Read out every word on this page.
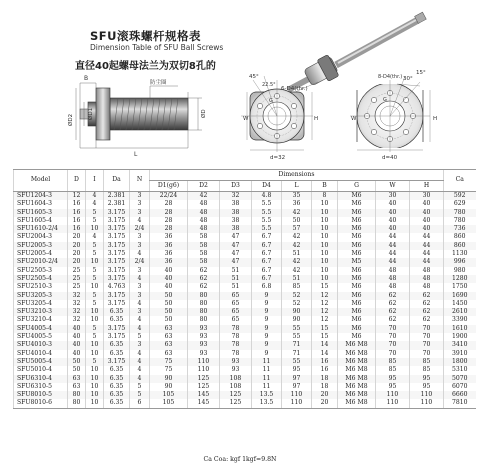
SFU滚珠螺杆规格表
Dimension Table of SFU Ball Screws
直径40起螺母法兰为双切8孔的
防尘圈
ØD2	ØD1
L
B
ØD
45°
22.5°
6-D4(thr.)
G
W	H
d=32
8-D4(thr.) 30°
15°
G
W	H
d=40
Model	D	I	Da	N	Dimensions									Ca
					D1(g6)	D2	D3	D4	L	B	G	W	H	
SFU1204-3	12	4	2.381	3	22/24	42	32	4.8	35	8	M6	30	30	592
SFU1604-3	16	4	2.381	3	28	48	38	5.5	36	10	M6	40	40	629
SFU1605-3	16	5	3.175	3	28	48	38	5.5	42	10	M6	40	40	780
SFU1605-4	16	5	3.175	4	28	48	38	5.5	50	10	M6	40	40	780
SFU1610-2/4	16	10	3.175	2/4	28	48	38	5.5	57	10	M6	40	40	736
SFU2004-3	20	4	3.175	3	36	58	47	6.7	42	10	M6	44	44	860
SFU2005-3	20	5	3.175	3	36	58	47	6.7	42	10	M6	44	44	860
SFU2005-4	20	5	3.175	4	36	58	47	6.7	51	10	M6	44	44	1130
SFU2010-2/4	20	10	3.175	2/4	36	58	47	6.7	42	10	M5	44	44	996
SFU2505-3	25	5	3.175	3	40	62	51	6.7	42	10	M6	48	48	980
SFU2505-4	25	5	3.175	4	40	62	51	6.7	51	10	M6	48	48	1280
SFU2510-3	25	10	4.763	3	40	62	51	6.8	85	15	M6	48	48	1750
SFU3205-3	32	5	3.175	3	50	80	65	9	52	12	M6	62	62	1690
SFU3205-4	32	5	3.175	4	50	80	65	9	52	12	M6	62	62	1450
SFU3210-3	32	10	6.35	3	50	80	65	9	90	12	M6	62	62	2610
SFU3210-4	32	10	6.35	4	50	80	65	9	90	12	M6	62	62	3390
SFU4005-4	40	5	3.175	4	63	93	78	9	55	15	M6	70	70	1610
SFU4005-5	40	5	3.175	5	63	93	78	9	55	15	M6	70	70	1900
SFU4010-3	40	10	6.35	3	63	93	78	9	71	14	M6 M8	70	70	3410
SFU4010-4	40	10	6.35	4	63	93	78	9	71	14	M6 M8	70	70	3910
SFU5005-4	50	5	3.175	4	75	110	93	11	55	16	M6 M8	85	85	1800
SFU5010-4	50	10	6.35	4	75	110	93	11	95	16	M6 M8	85	85	5310
SFU6310-4	63	10	6.35	4	90	125	108	11	97	18	M6 M8	95	95	5070
SFU6310-5	63	10	6.35	5	90	125	108	11	97	18	M6 M8	95	95	6070
SFU8010-5	80	10	6.35	5	105	145	125	13.5	110	20	M6 M8	110	110	6660
SFU8010-6	80	10	6.35	6	105	145	125	13.5	110	20	M6 M8	110	110	7810
Ca Coa: kgf 1kgf=9.8N
